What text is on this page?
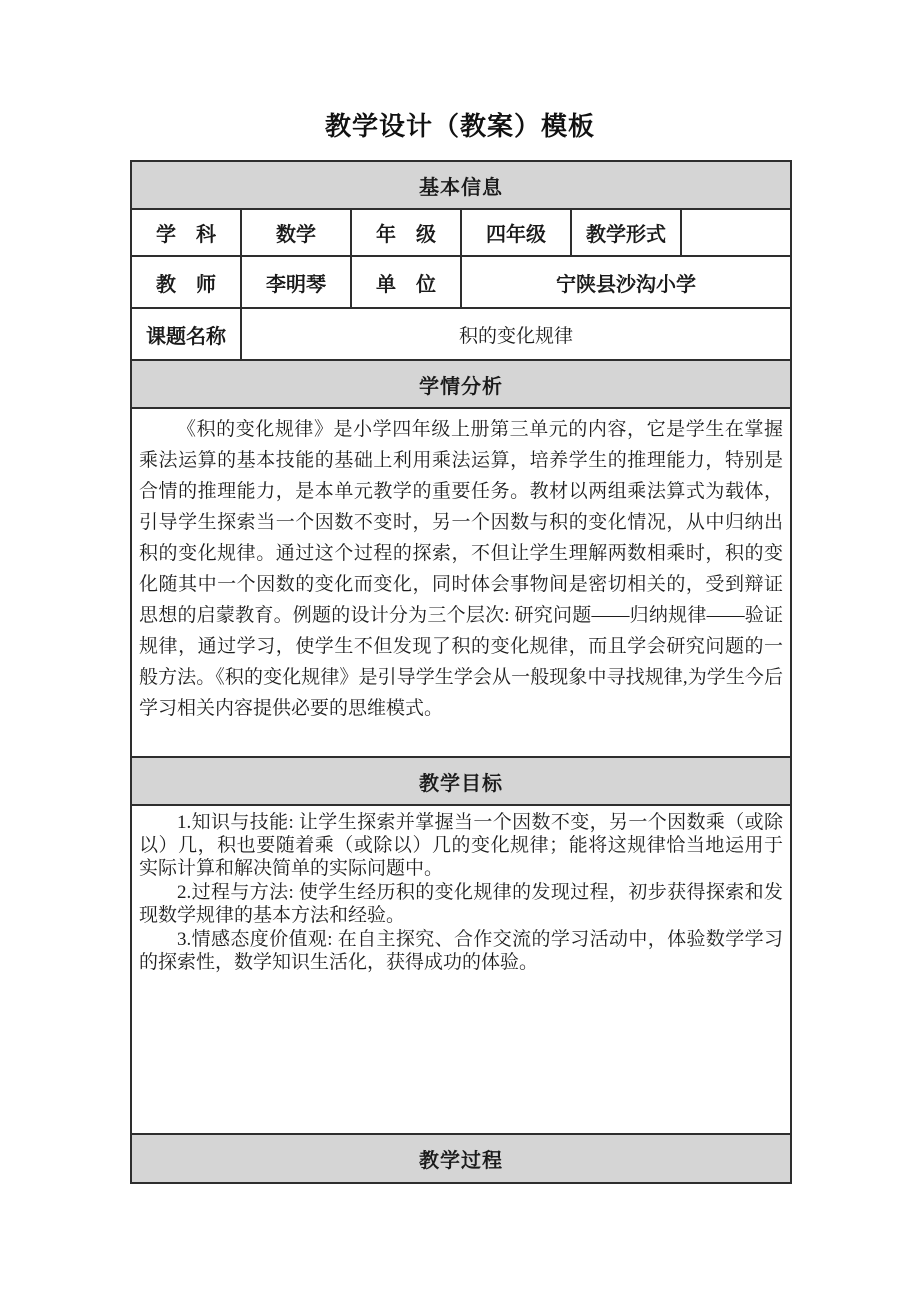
教学设计（教案）模板
基本信息					
学　科	数学	年　级	四年级	教学形式	
教　师	李明琴	单　位	宁陕县沙沟小学		
课题名称	积的变化规律				
学情分析					

《积的变化规律》是小学四年级上册第三单元的内容，它是学生在掌握乘法运算的基本技能的基础上利用乘法运算，培养学生的推理能力，特别是合情的推理能力，是本单元教学的重要任务。教材以两组乘法算式为载体，引导学生探索当一个因数不变时，另一个因数与积的变化情况，从中归纳出积的变化规律。通过这个过程的探索，不但让学生理解两数相乘时，积的变化随其中一个因数的变化而变化，同时体会事物间是密切相关的，受到辩证思想的启蒙教育。例题的设计分为三个层次: 研究问题——归纳规律——验证规律，通过学习，使学生不但发现了积的变化规律，而且学会研究问题的一般方法。《积的变化规律》是引导学生学会从一般现象中寻找规律,为学生今后学习相关内容提供必要的思维模式。					

教学目标					

1.知识与技能: 让学生探索并掌握当一个因数不变，另一个因数乘（或除以）几，积也要随着乘（或除以）几的变化规律；能将这规律恰当地运用于实际计算和解决简单的实际问题中。

2.过程与方法: 使学生经历积的变化规律的发现过程，初步获得探索和发现数学规律的基本方法和经验。

3.情感态度价值观: 在自主探究、合作交流的学习活动中，体验数学学习的探索性，数学知识生活化，获得成功的体验。					

教学过程					
